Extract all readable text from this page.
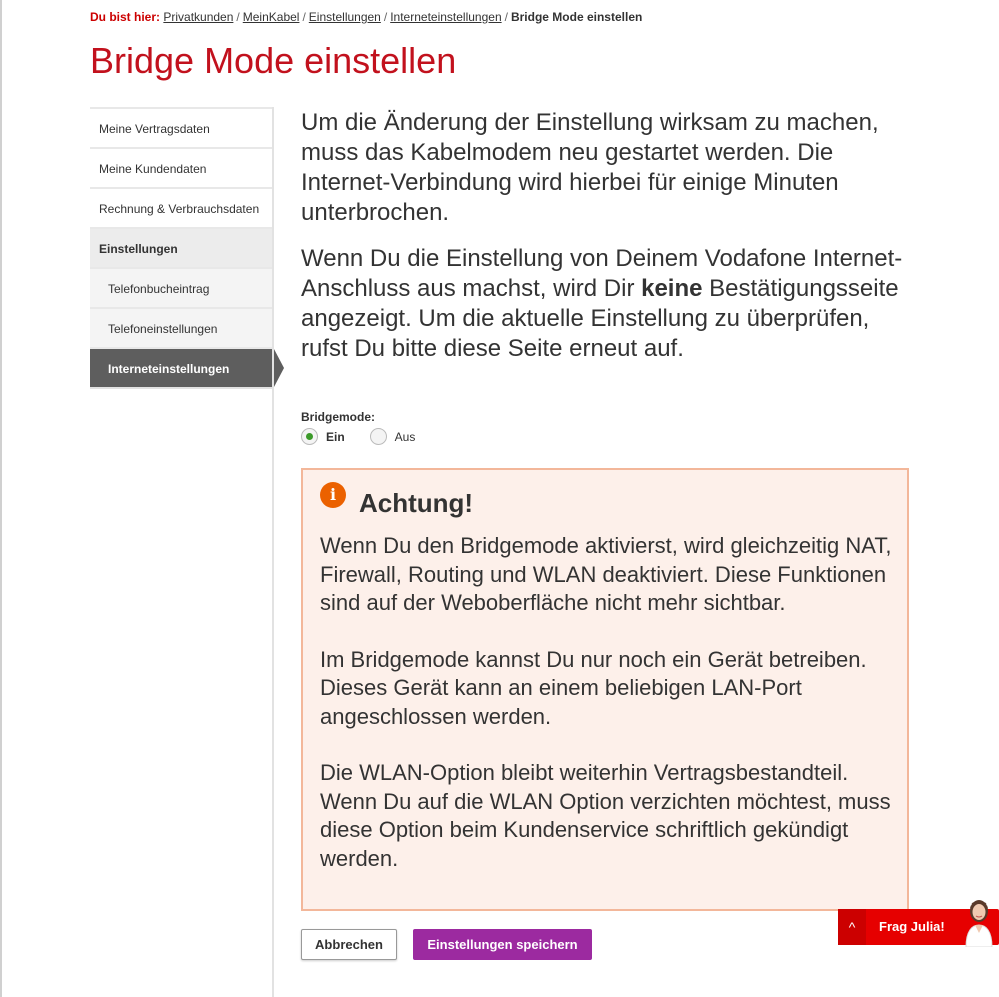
Du bist hier: Privatkunden / MeinKabel / Einstellungen / Interneteinstellungen / Bridge Mode einstellen
Bridge Mode einstellen
Meine Vertragsdaten
Meine Kundendaten
Rechnung & Verbrauchsdaten
Einstellungen
Telefonbucheintrag
Telefoneinstellungen
Interneteinstellungen

Um die Änderung der Einstellung wirksam zu machen, muss das Kabelmodem neu gestartet werden. Die Internet-Verbindung wird hierbei für einige Minuten unterbrochen.

Wenn Du die Einstellung von Deinem Vodafone Internet-Anschluss aus machst, wird Dir keine Bestätigungsseite angezeigt. Um die aktuelle Einstellung zu überprüfen, rufst Du bitte diese Seite erneut auf.

Bridgemode:
Ein	Aus
i Achtung!

Wenn Du den Bridgemode aktivierst, wird gleichzeitig NAT, Firewall, Routing und WLAN deaktiviert. Diese Funktionen sind auf der Weboberfläche nicht mehr sichtbar.

Im Bridgemode kannst Du nur noch ein Gerät betreiben. Dieses Gerät kann an einem beliebigen LAN-Port angeschlossen werden.

Die WLAN-Option bleibt weiterhin Vertragsbestandteil. Wenn Du auf die WLAN Option verzichten möchtest, muss diese Option beim Kundenservice schriftlich gekündigt werden.

Abbrechen	Einstellungen speichern
^	Frag Julia!
